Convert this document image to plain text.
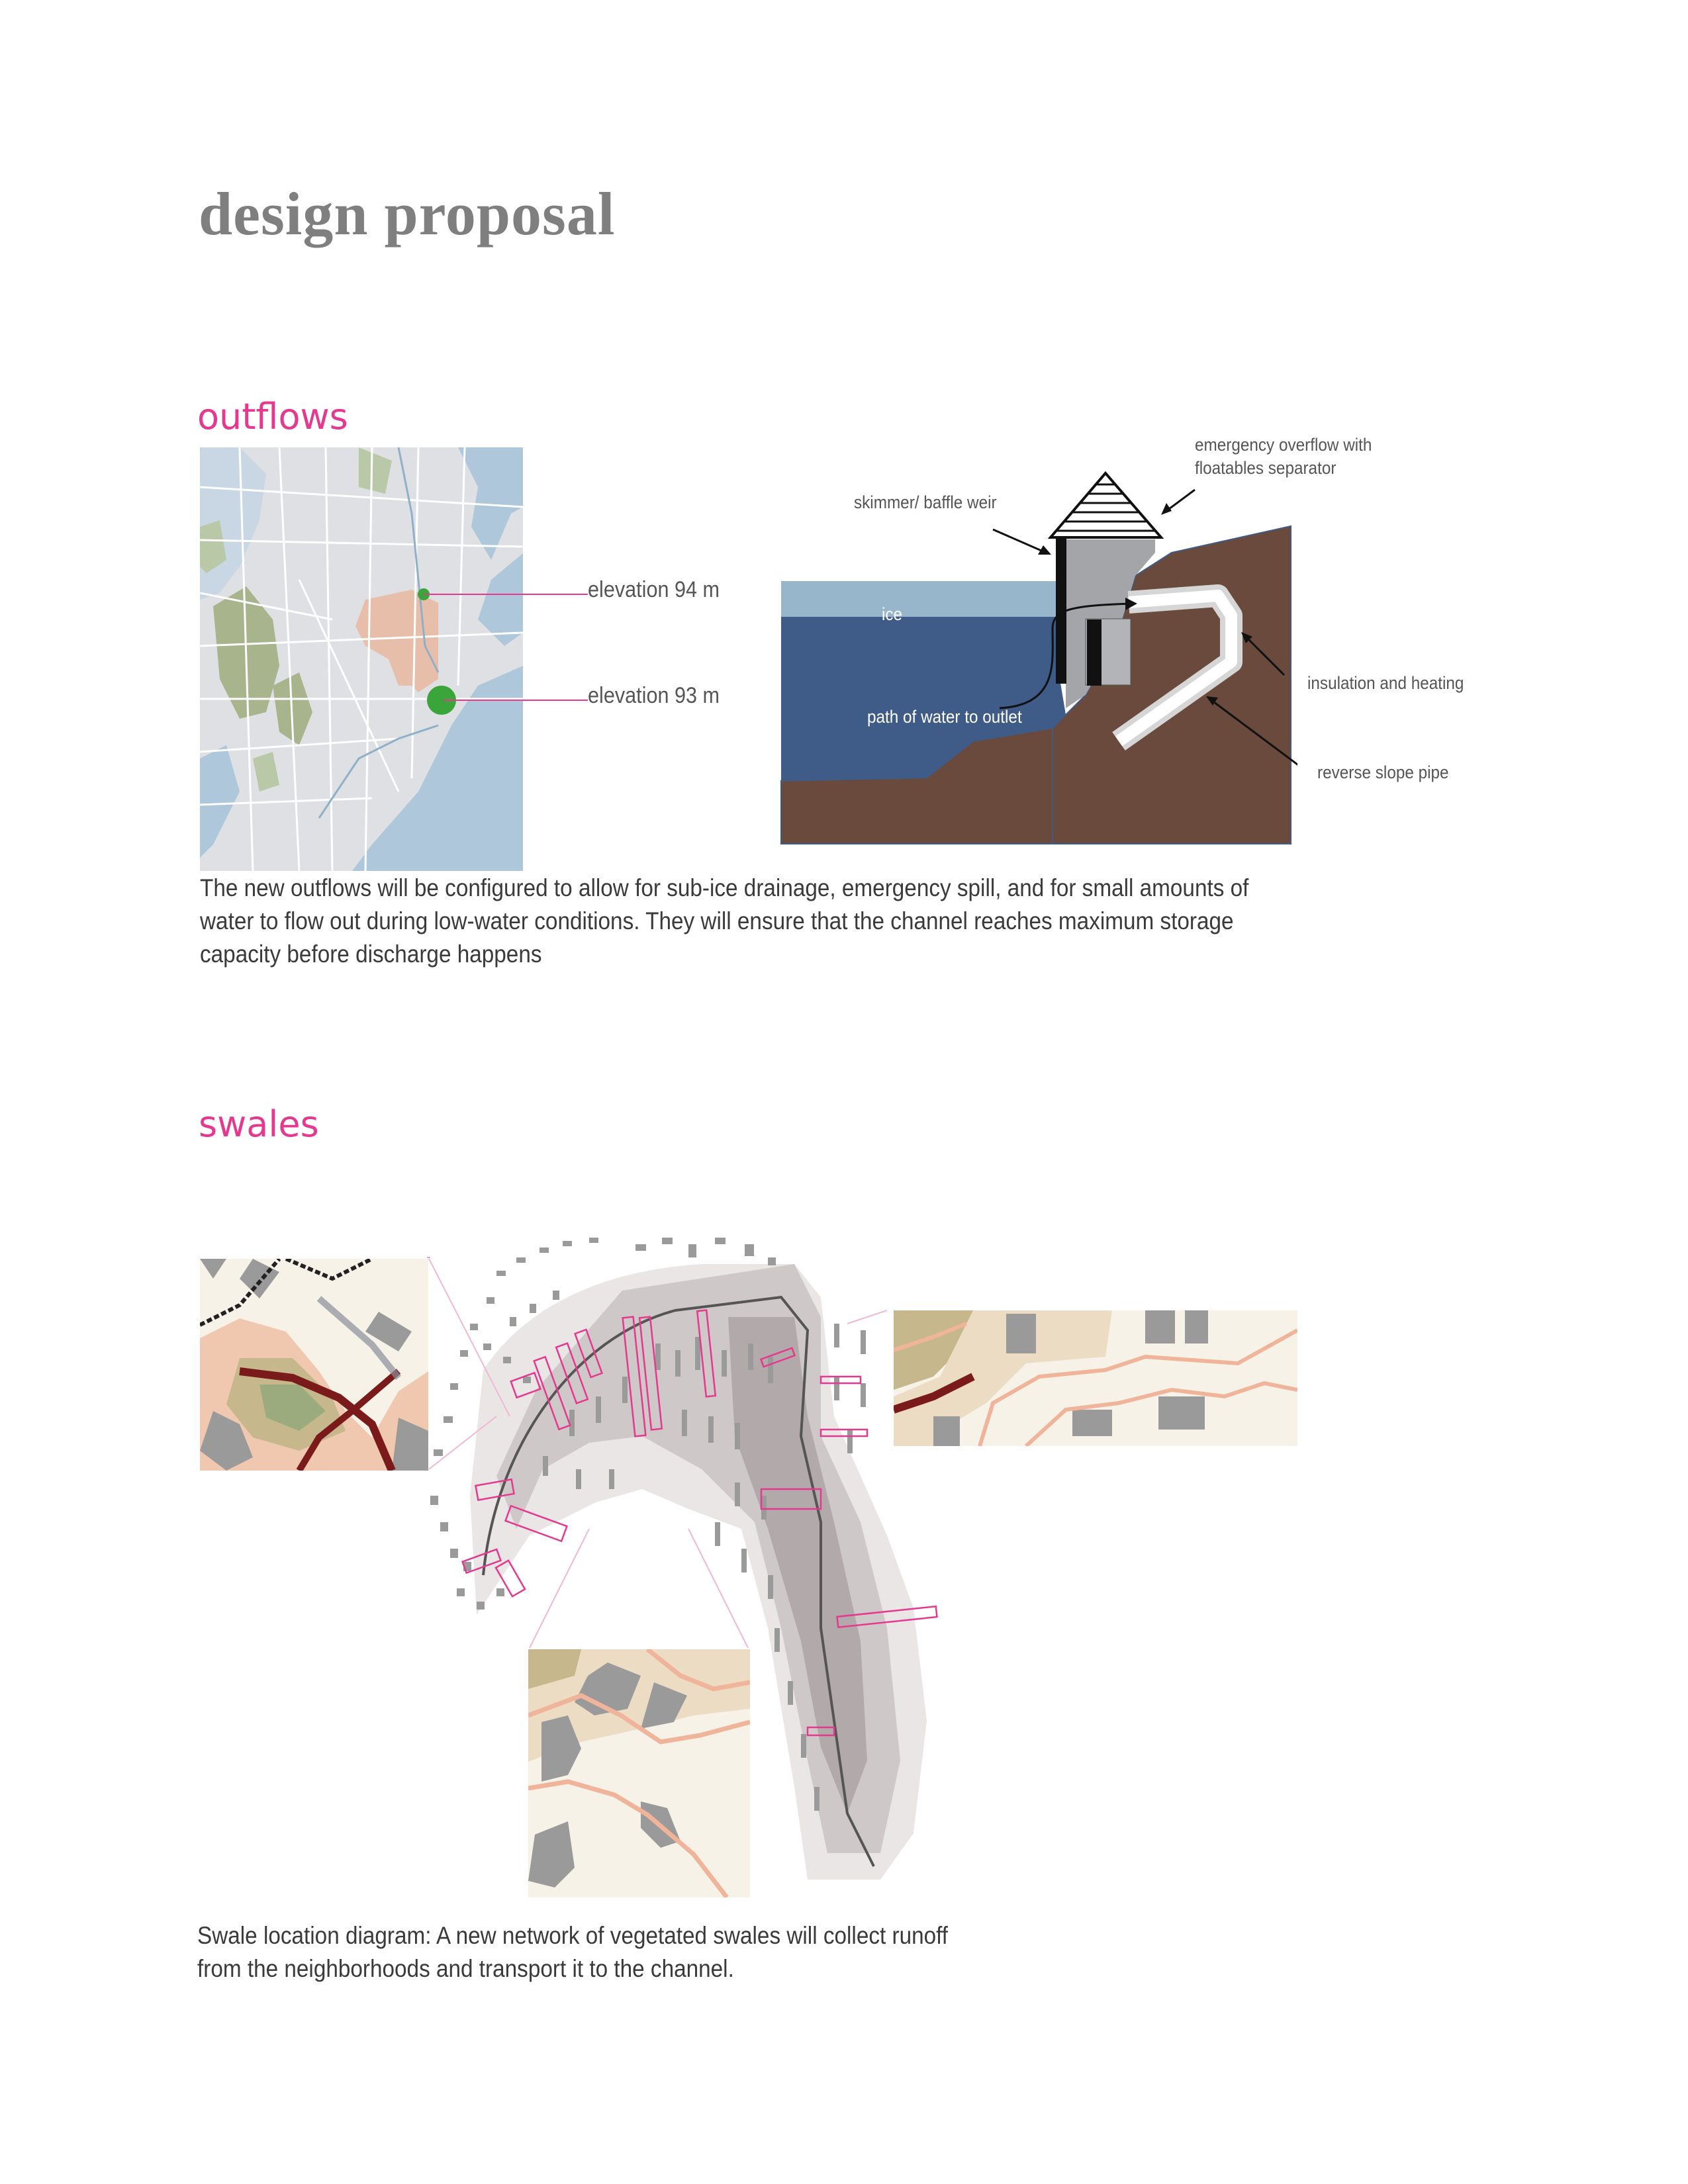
design proposal
outflows
elevation 94 m
elevation 93 m
emergency overflow with
floatables separator
skimmer/ baffle weir
ice
path of water to outlet
insulation and heating
reverse slope pipe
The new outflows will be configured to allow for sub-ice drainage, emergency spill, and for small amounts of
water to flow out during low-water conditions. They will ensure that the channel reaches maximum storage
capacity before discharge happens
swales
Swale location diagram: A new network of vegetated swales will collect runoff
from the neighborhoods and transport it to the channel.
